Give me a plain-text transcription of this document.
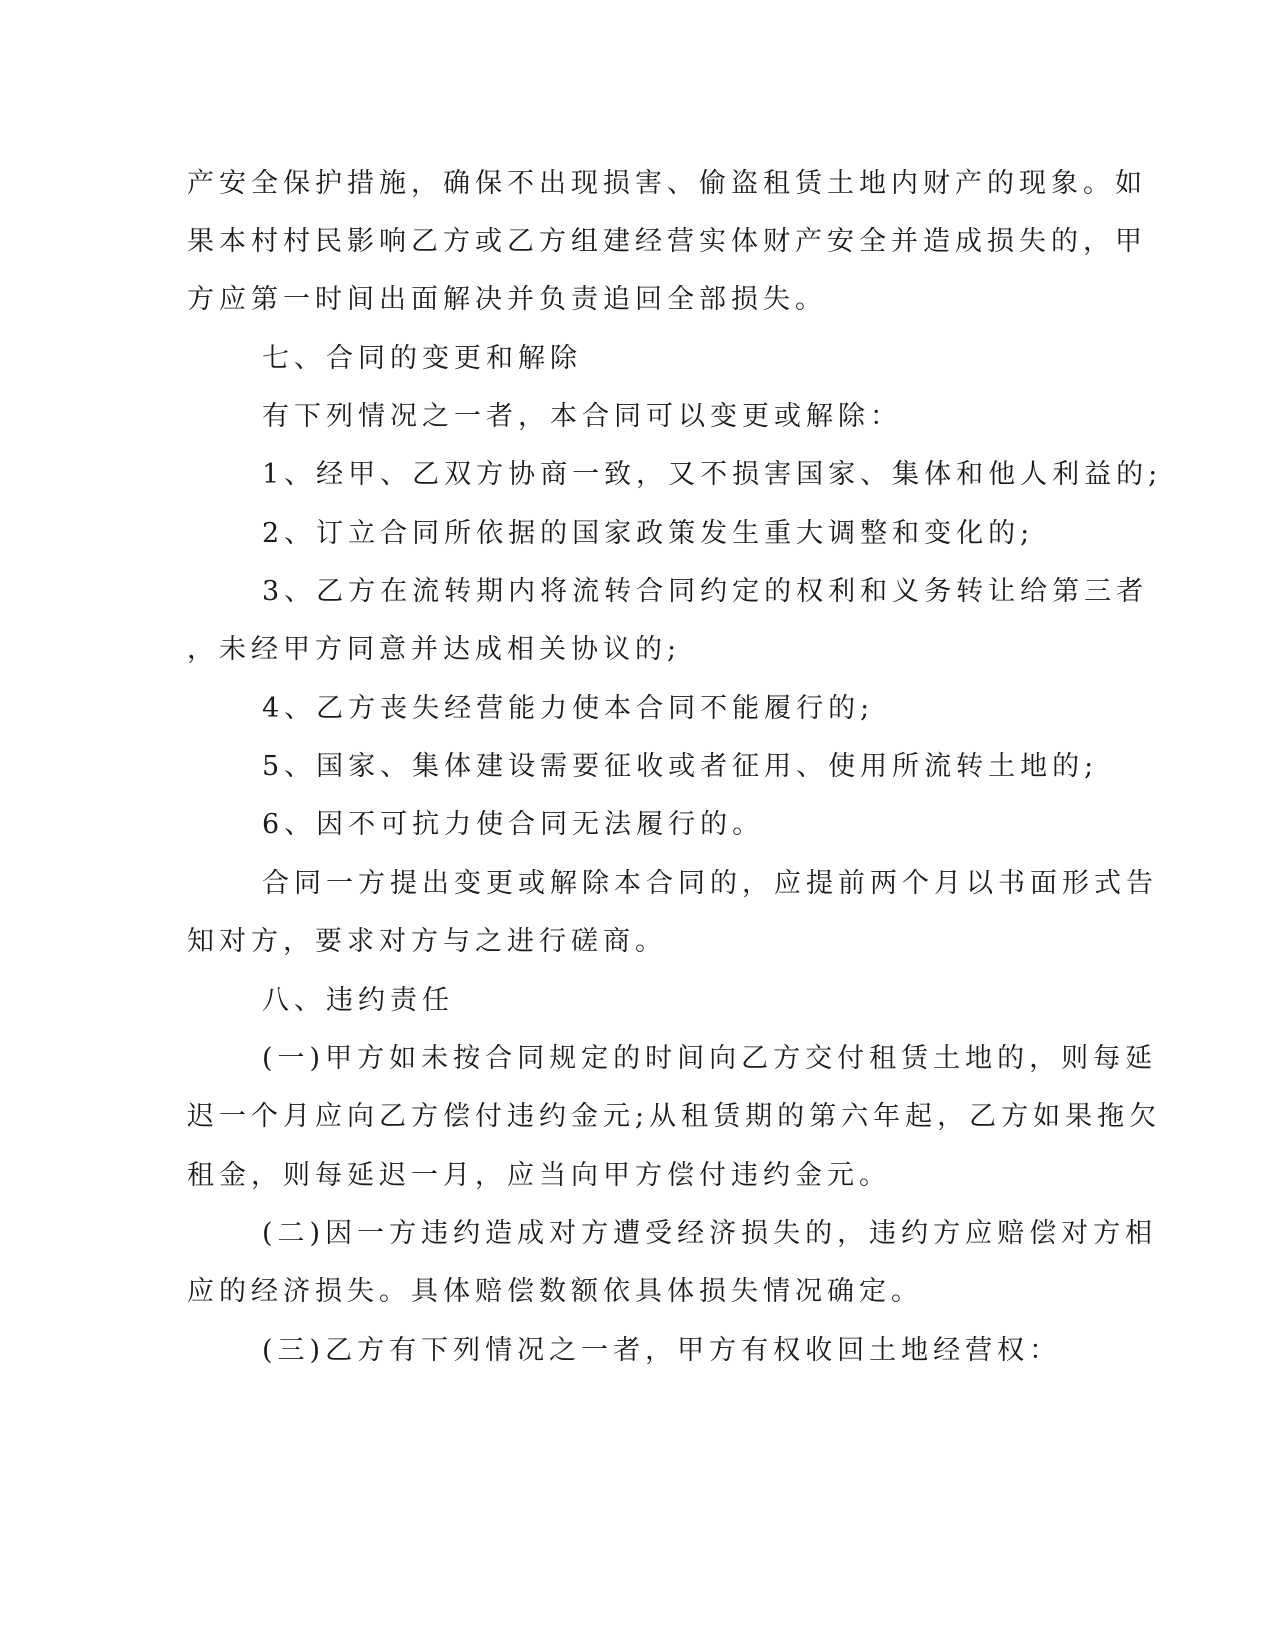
产安全保护措施，确保不出现损害、偷盗租赁土地内财产的现象。如
果本村村民影响乙方或乙方组建经营实体财产安全并造成损失的，甲
方应第一时间出面解决并负责追回全部损失。
七、合同的变更和解除
有下列情况之一者，本合同可以变更或解除：
1、经甲、乙双方协商一致，又不损害国家、集体和他人利益的;
2、订立合同所依据的国家政策发生重大调整和变化的;
3、乙方在流转期内将流转合同约定的权利和义务转让给第三者
，未经甲方同意并达成相关协议的;
4、乙方丧失经营能力使本合同不能履行的;
5、国家、集体建设需要征收或者征用、使用所流转土地的;
6、因不可抗力使合同无法履行的。
合同一方提出变更或解除本合同的，应提前两个月以书面形式告
知对方，要求对方与之进行磋商。
八、违约责任
(一)甲方如未按合同规定的时间向乙方交付租赁土地的，则每延
迟一个月应向乙方偿付违约金元;从租赁期的第六年起，乙方如果拖欠
租金，则每延迟一月，应当向甲方偿付违约金元。
(二)因一方违约造成对方遭受经济损失的，违约方应赔偿对方相
应的经济损失。具体赔偿数额依具体损失情况确定。
(三)乙方有下列情况之一者，甲方有权收回土地经营权：
